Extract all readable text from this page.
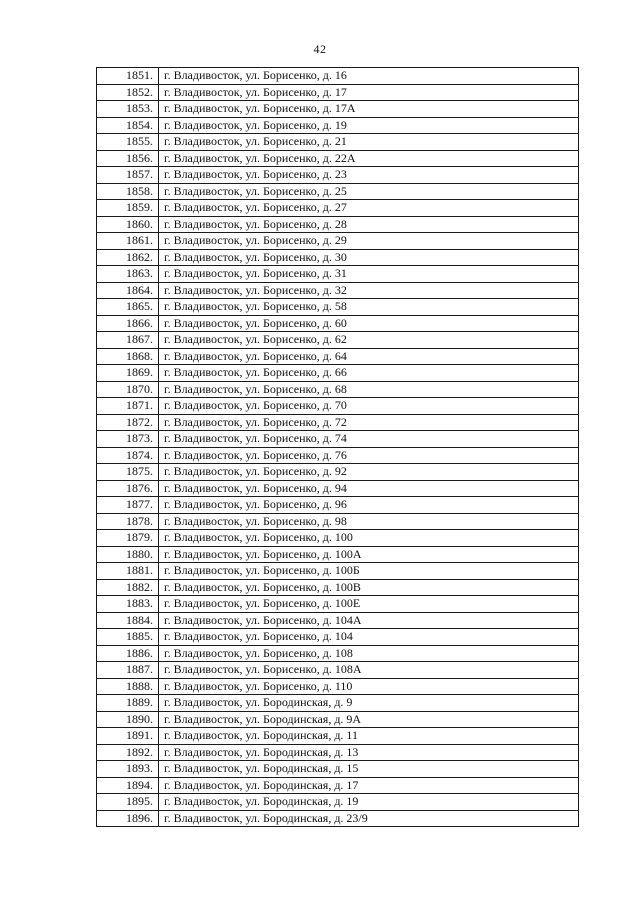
42
1851.	г. Владивосток, ул. Борисенко, д. 16
1852.	г. Владивосток, ул. Борисенко, д. 17
1853.	г. Владивосток, ул. Борисенко, д. 17А
1854.	г. Владивосток, ул. Борисенко, д. 19
1855.	г. Владивосток, ул. Борисенко, д. 21
1856.	г. Владивосток, ул. Борисенко, д. 22А
1857.	г. Владивосток, ул. Борисенко, д. 23
1858.	г. Владивосток, ул. Борисенко, д. 25
1859.	г. Владивосток, ул. Борисенко, д. 27
1860.	г. Владивосток, ул. Борисенко, д. 28
1861.	г. Владивосток, ул. Борисенко, д. 29
1862.	г. Владивосток, ул. Борисенко, д. 30
1863.	г. Владивосток, ул. Борисенко, д. 31
1864.	г. Владивосток, ул. Борисенко, д. 32
1865.	г. Владивосток, ул. Борисенко, д. 58
1866.	г. Владивосток, ул. Борисенко, д. 60
1867.	г. Владивосток, ул. Борисенко, д. 62
1868.	г. Владивосток, ул. Борисенко, д. 64
1869.	г. Владивосток, ул. Борисенко, д. 66
1870.	г. Владивосток, ул. Борисенко, д. 68
1871.	г. Владивосток, ул. Борисенко, д. 70
1872.	г. Владивосток, ул. Борисенко, д. 72
1873.	г. Владивосток, ул. Борисенко, д. 74
1874.	г. Владивосток, ул. Борисенко, д. 76
1875.	г. Владивосток, ул. Борисенко, д. 92
1876.	г. Владивосток, ул. Борисенко, д. 94
1877.	г. Владивосток, ул. Борисенко, д. 96
1878.	г. Владивосток, ул. Борисенко, д. 98
1879.	г. Владивосток, ул. Борисенко, д. 100
1880.	г. Владивосток, ул. Борисенко, д. 100А
1881.	г. Владивосток, ул. Борисенко, д. 100Б
1882.	г. Владивосток, ул. Борисенко, д. 100В
1883.	г. Владивосток, ул. Борисенко, д. 100Е
1884.	г. Владивосток, ул. Борисенко, д. 104А
1885.	г. Владивосток, ул. Борисенко, д. 104
1886.	г. Владивосток, ул. Борисенко, д. 108
1887.	г. Владивосток, ул. Борисенко, д. 108А
1888.	г. Владивосток, ул. Борисенко, д. 110
1889.	г. Владивосток, ул. Бородинская, д. 9
1890.	г. Владивосток, ул. Бородинская, д. 9А
1891.	г. Владивосток, ул. Бородинская, д. 11
1892.	г. Владивосток, ул. Бородинская, д. 13
1893.	г. Владивосток, ул. Бородинская, д. 15
1894.	г. Владивосток, ул. Бородинская, д. 17
1895.	г. Владивосток, ул. Бородинская, д. 19
1896.	г. Владивосток, ул. Бородинская, д. 23/9
